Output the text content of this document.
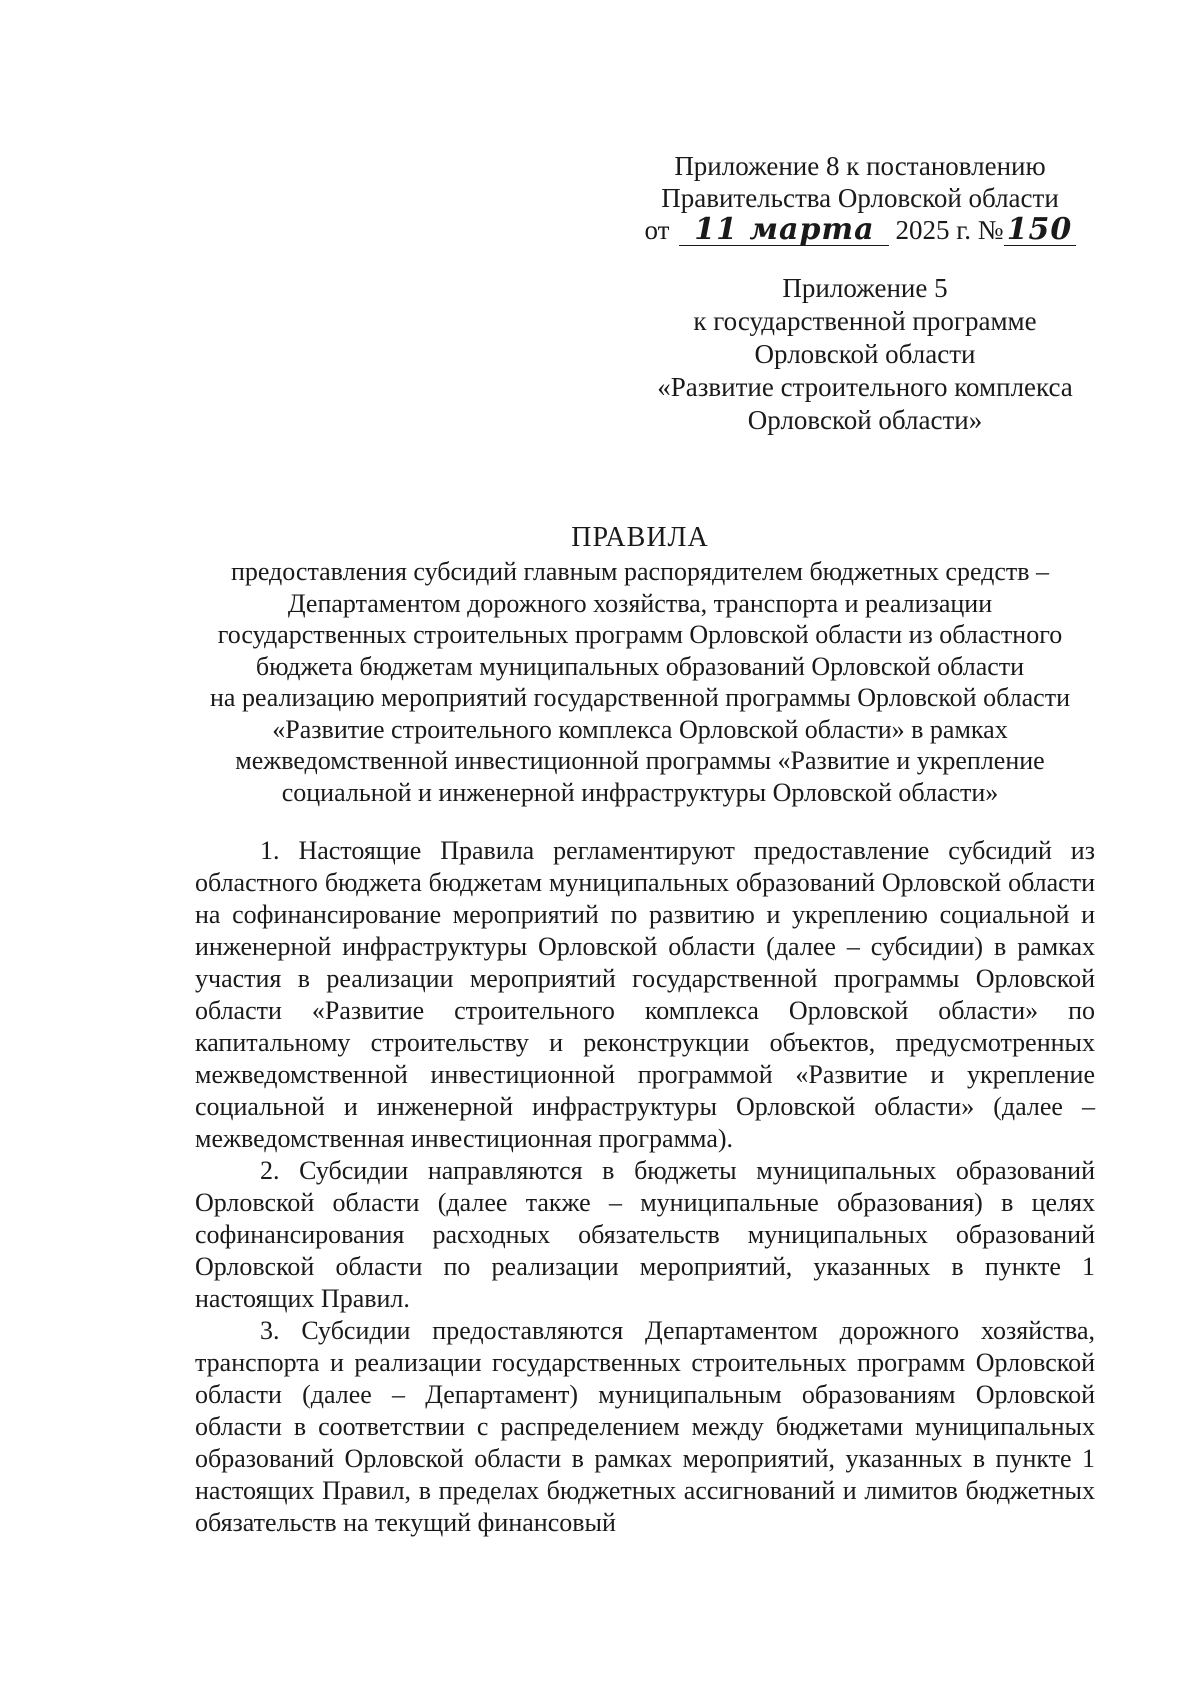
Приложение 8 к постановлению
Правительства Орловской области
от 11 марта 2025 г. № 150
Приложение 5
к государственной программе
Орловской области
«Развитие строительного комплекса
Орловской области»
ПРАВИЛА
предоставления субсидий главным распорядителем бюджетных средств –
Департаментом дорожного хозяйства, транспорта и реализации
государственных строительных программ Орловской области из областного
бюджета бюджетам муниципальных образований Орловской области
на реализацию мероприятий государственной программы Орловской области
«Развитие строительного комплекса Орловской области» в рамках
межведомственной инвестиционной программы «Развитие и укрепление
социальной и инженерной инфраструктуры Орловской области»

1. Настоящие Правила регламентируют предоставление субсидий из областного бюджета бюджетам муниципальных образований Орловской области на софинансирование мероприятий по развитию и укреплению социальной и инженерной инфраструктуры Орловской области (далее – субсидии) в рамках участия в реализации мероприятий государственной программы Орловской области «Развитие строительного комплекса Орловской области» по капитальному строительству и реконструкции объектов, предусмотренных межведомственной инвестиционной программой «Развитие и укрепление социальной и инженерной инфраструктуры Орловской области» (далее – межведомственная инвестиционная программа).

2. Субсидии направляются в бюджеты муниципальных образований Орловской области (далее также – муниципальные образования) в целях софинансирования расходных обязательств муниципальных образований Орловской области по реализации мероприятий, указанных в пункте 1 настоящих Правил.

3. Субсидии предоставляются Департаментом дорожного хозяйства, транспорта и реализации государственных строительных программ Орловской области (далее – Департамент) муниципальным образованиям Орловской области в соответствии с распределением между бюджетами муниципальных образований Орловской области в рамках мероприятий, указанных в пункте 1 настоящих Правил, в пределах бюджетных ассигнований и лимитов бюджетных обязательств на текущий финансовый
